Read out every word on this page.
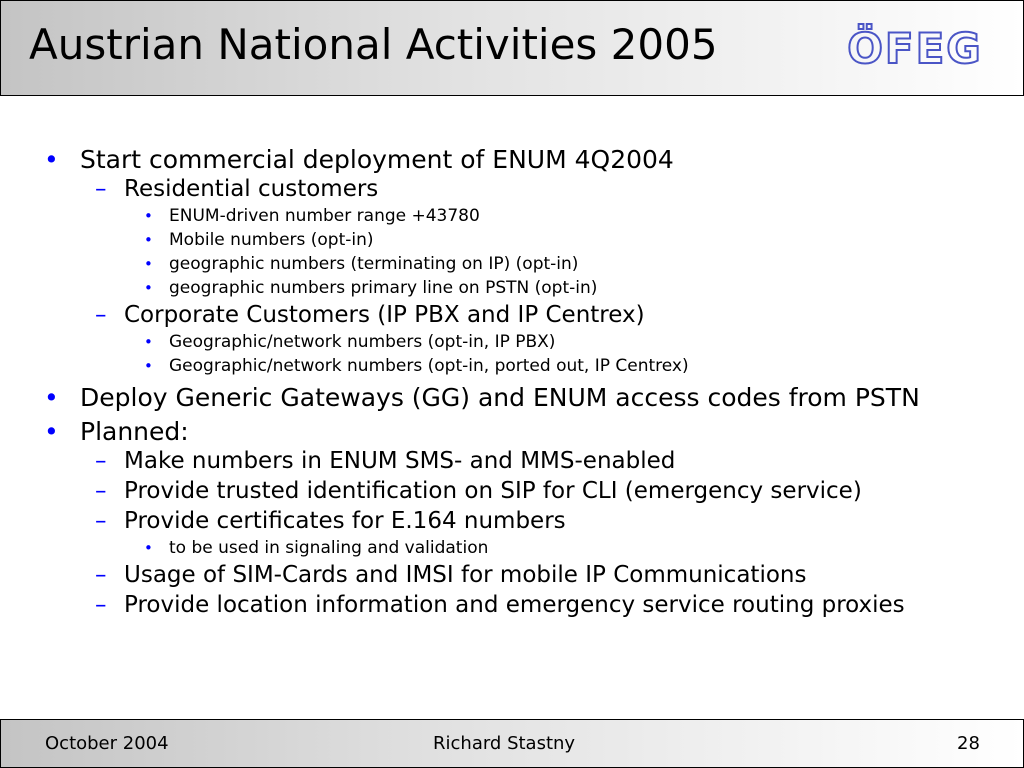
Austrian National Activities 2005	ÖFEG
• Start commercial deployment of ENUM 4Q2004
– Residential customers
• ENUM-driven number range +43780
• Mobile numbers (opt-in)
• geographic numbers (terminating on IP) (opt-in)
• geographic numbers primary line on PSTN (opt-in)
– Corporate Customers (IP PBX and IP Centrex)
• Geographic/network numbers (opt-in, IP PBX)
• Geographic/network numbers (opt-in, ported out, IP Centrex)
• Deploy Generic Gateways (GG) and ENUM access codes from PSTN
• Planned:
– Make numbers in ENUM SMS- and MMS-enabled
– Provide trusted identification on SIP for CLI (emergency service)
– Provide certificates for E.164 numbers
• to be used in signaling and validation
– Usage of SIM-Cards and IMSI for mobile IP Communications
– Provide location information and emergency service routing proxies
October 2004	Richard Stastny	28
